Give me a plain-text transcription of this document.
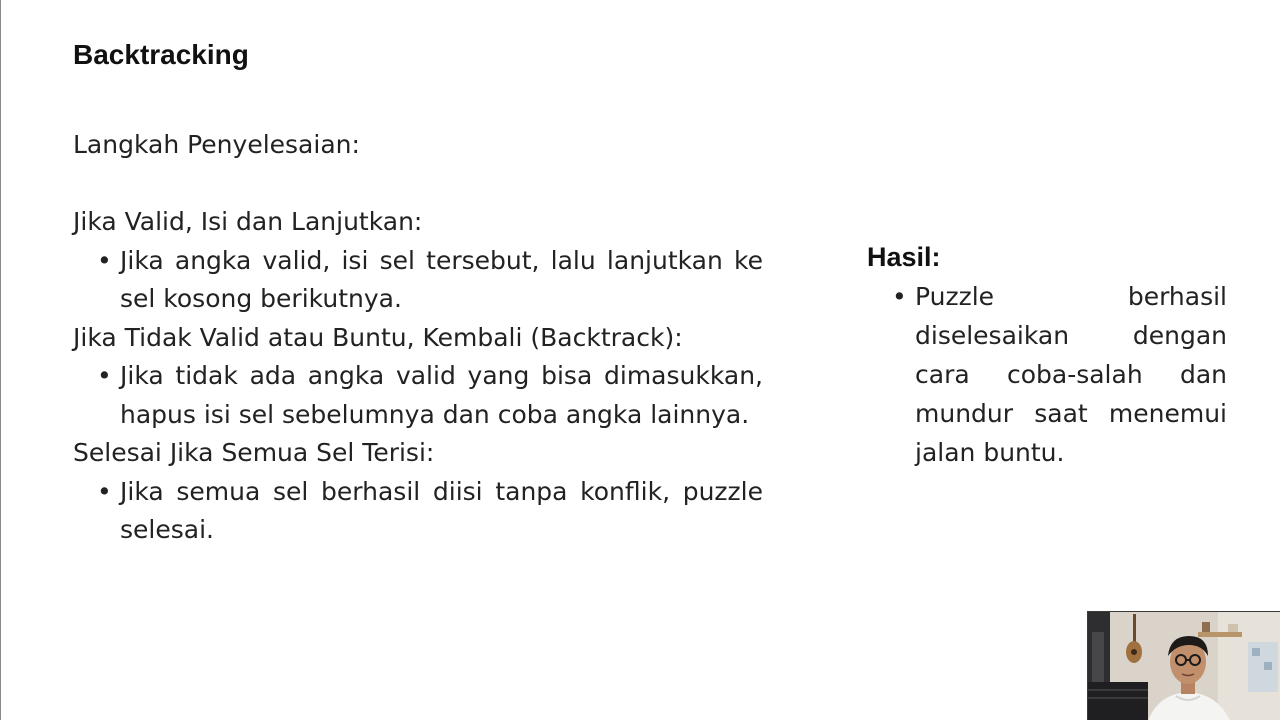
Backtracking

Langkah Penyelesaian:

Jika Valid, Isi dan Lanjutkan:

• Jika angka valid, isi sel tersebut, lalu lanjutkan ke sel kosong berikutnya.

Jika Tidak Valid atau Buntu, Kembali (Backtrack):

• Jika tidak ada angka valid yang bisa dimasukkan, hapus isi sel sebelumnya dan coba angka lainnya.

Selesai Jika Semua Sel Terisi:

• Jika semua sel berhasil diisi tanpa konflik, puzzle selesai.

Hasil:

• Puzzle berhasil diselesaikan dengan cara coba-salah dan mundur saat menemui jalan buntu.
